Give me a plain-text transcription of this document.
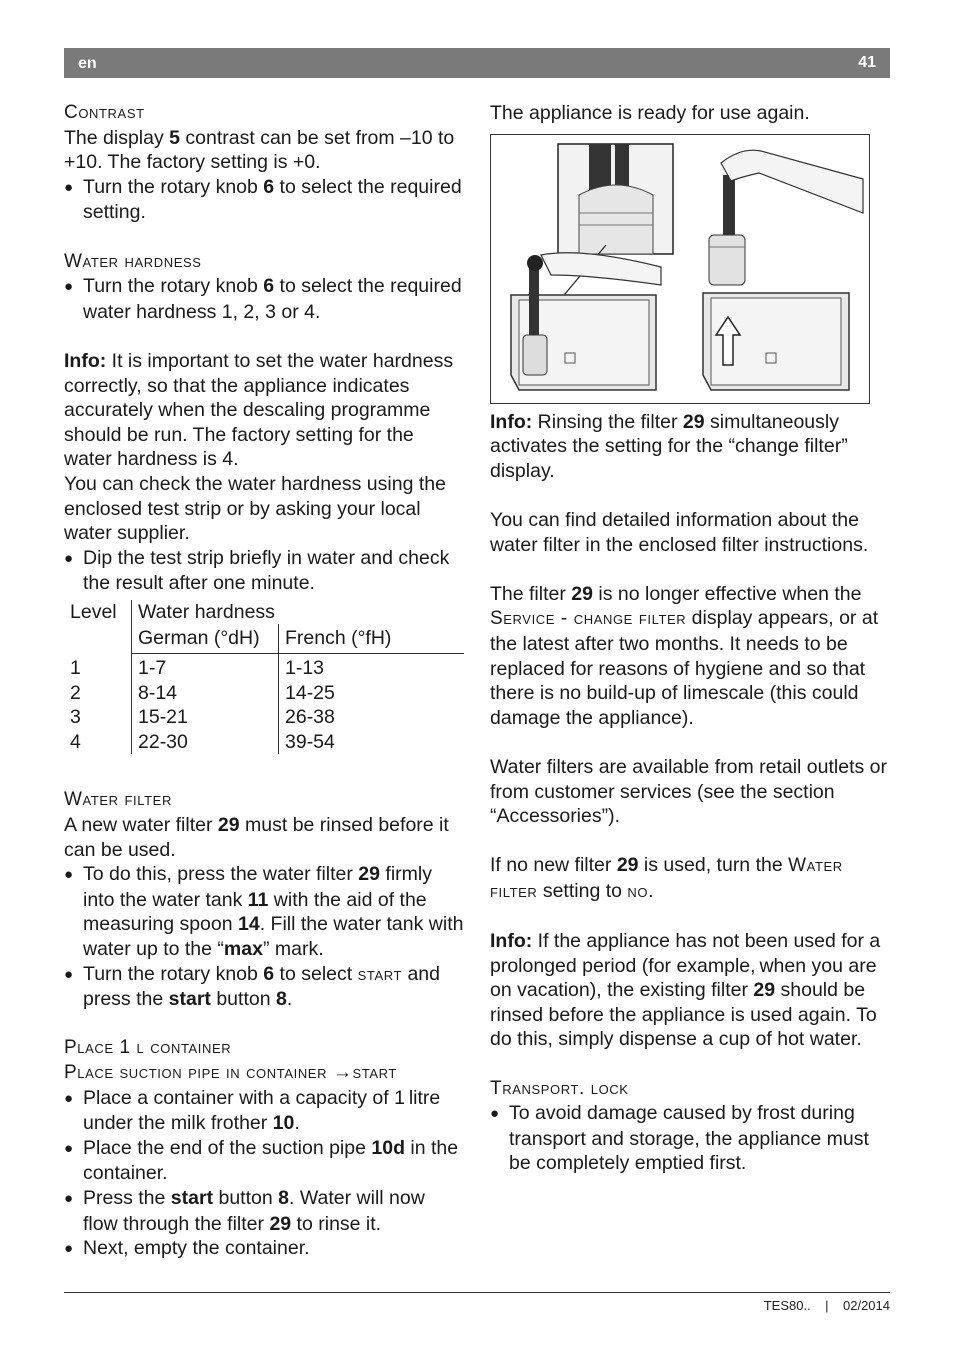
en	41
Contrast

The display 5 contrast can be set from –10 to +10. The factory setting is +0.

● Turn the rotary knob 6 to select the required setting.

Water hardness

● Turn the rotary knob 6 to select the required water hardness 1, 2, 3 or 4.

Info: It is important to set the water hardness correctly, so that the appliance indicates accurately when the descaling programme should be run. The factory setting for the water hardness is 4.

You can check the water hardness using the enclosed test strip or by asking your local water supplier.

● Dip the test strip briefly in water and check the result after one minute.

Level	Water hardness	
	German (°dH)	French (°fH)
1	1-7	1-13
2	8-14	14-25
3	15-21	26-38
4	22-30	39-54
Water filter

A new water filter 29 must be rinsed before it can be used.

● To do this, press the water filter 29 firmly into the water tank 11 with the aid of the measuring spoon 14. Fill the water tank with water up to the “max” mark.

● Turn the rotary knob 6 to select start and press the start button 8.

Place 1 l container
Place suction pipe in container →start

● Place a container with a capacity of 1 litre under the milk frother 10.

● Place the end of the suction pipe 10d in the container.

● Press the start button 8. Water will now flow through the filter 29 to rinse it.

● Next, empty the container.

The appliance is ready for use again.

Info: Rinsing the filter 29 simultaneously activates the setting for the “change filter” display.

You can find detailed information about the water filter in the enclosed filter instructions.

The filter 29 is no longer effective when the Service - change filter display appears, or at the latest after two months. It needs to be replaced for reasons of hygiene and so that there is no build-up of limescale (this could damage the appliance).

Water filters are available from retail outlets or from customer services (see the section “Accessories”).

If no new filter 29 is used, turn the Water filter setting to no.

Info: If the appliance has not been used for a prolonged period (for example, when you are on vacation), the existing filter 29 should be rinsed before the appliance is used again. To do this, simply dispense a cup of hot water.

Transport. lock

● To avoid damage caused by frost during transport and storage, the appliance must be completely emptied first.

TES80.. | 02/2014
